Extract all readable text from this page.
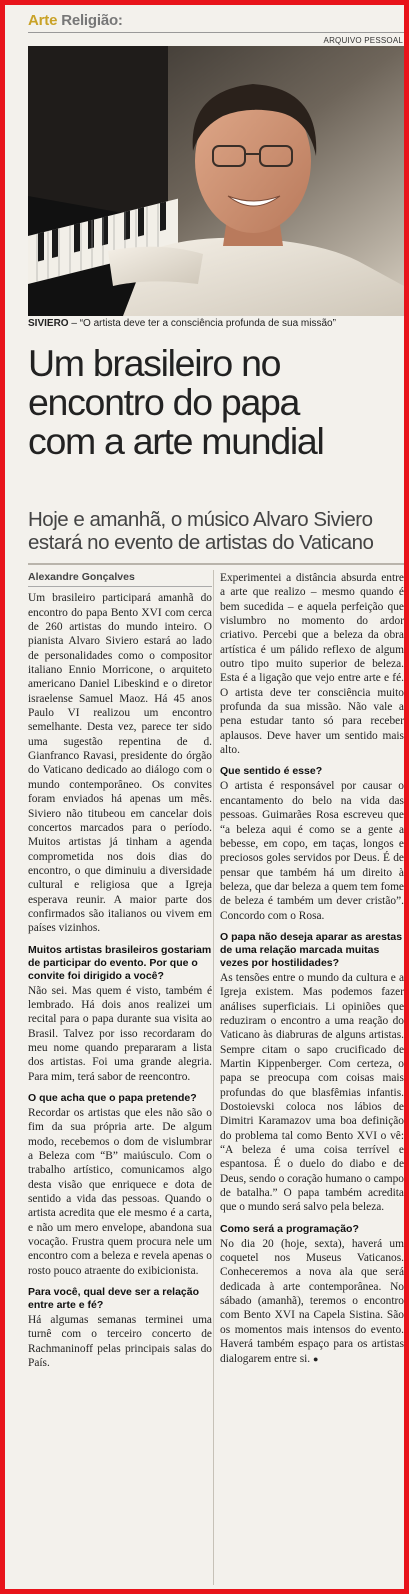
Arte Religião:
ARQUIVO PESSOAL
SIVIERO – “O artista deve ter a consciência profunda de sua missão”
Um brasileiro no
encontro do papa
com a arte mundial
Hoje e amanhã, o músico Alvaro Siviero
estará no evento de artistas do Vaticano
Alexandre Gonçalves
Um brasileiro participará amanhã do encontro do papa Bento XVI com cerca de 260 artistas do mundo inteiro. O pianista Alvaro Siviero estará ao lado de personalidades como o compositor italiano Ennio Morricone, o arquiteto americano Daniel Libeskind e o diretor israelense Samuel Maoz. Há 45 anos Paulo VI realizou um encontro semelhante. Desta vez, parece ter sido uma sugestão repentina de d. Gianfranco Ravasi, presidente do órgão do Vaticano dedicado ao diálogo com o mundo contemporâneo. Os convites foram enviados há apenas um mês. Siviero não titubeou em cancelar dois concertos marcados para o período. Muitos artistas já tinham a agenda comprometida nos dois dias do encontro, o que diminuiu a diversidade cultural e religiosa que a Igreja esperava reunir. A maior parte dos confirmados são italianos ou vivem em países vizinhos.
Muitos artistas brasileiros gostariam de participar do evento. Por que o convite foi dirigido a você?
Não sei. Mas quem é visto, também é lembrado. Há dois anos realizei um recital para o papa durante sua visita ao Brasil. Talvez por isso recordaram do meu nome quando prepararam a lista dos artistas. Foi uma grande alegria. Para mim, terá sabor de reencontro.
O que acha que o papa pretende?
Recordar os artistas que eles não são o fim da sua própria arte. De algum modo, recebemos o dom de vislumbrar a Beleza com “B” maiúsculo. Com o trabalho artístico, comunicamos algo desta visão que enriquece e dota de sentido a vida das pessoas. Quando o artista acredita que ele mesmo é a carta, e não um mero envelope, abandona sua vocação. Frustra quem procura nele um encontro com a beleza e revela apenas o rosto pouco atraente do exibicionista.
Para você, qual deve ser a relação entre arte e fé?
Há algumas semanas terminei uma turnê com o terceiro concerto de Rachmaninoff pelas principais salas do País.
Experimentei a distância absurda entre a arte que realizo – mesmo quando é bem sucedida – e aquela perfeição que vislumbro no momento do ardor criativo. Percebi que a beleza da obra artística é um pálido reflexo de algum outro tipo muito superior de beleza. Esta é a ligação que vejo entre arte e fé. O artista deve ter consciência muito profunda da sua missão. Não vale a pena estudar tanto só para receber aplausos. Deve haver um sentido mais alto.
Que sentido é esse?
O artista é responsável por causar o encantamento do belo na vida das pessoas. Guimarães Rosa escreveu que “a beleza aqui é como se a gente a bebesse, em copo, em taças, longos e preciosos goles servidos por Deus. É de pensar que também há um direito à beleza, que dar beleza a quem tem fome de beleza é também um dever cristão”. Concordo com o Rosa.
O papa não deseja aparar as arestas de uma relação marcada muitas vezes por hostilidades?
As tensões entre o mundo da cultura e a Igreja existem. Mas podemos fazer análises superficiais. Li opiniões que reduziram o encontro a uma reação do Vaticano às diabruras de alguns artistas. Sempre citam o sapo crucificado de Martin Kippenberger. Com certeza, o papa se preocupa com coisas mais profundas do que blasfêmias infantis. Dostoievski coloca nos lábios de Dimitri Karamazov uma boa definição do problema tal como Bento XVI o vê: “A beleza é uma coisa terrível e espantosa. É o duelo do diabo e de Deus, sendo o coração humano o campo de batalha.” O papa também acredita que o mundo será salvo pela beleza.
Como será a programação?
No dia 20 (hoje, sexta), haverá um coquetel nos Museus Vaticanos. Conheceremos a nova ala que será dedicada à arte contemporânea. No sábado (amanhã), teremos o encontro com Bento XVI na Capela Sistina. São os momentos mais intensos do evento. Haverá também espaço para os artistas dialogarem entre si. ●
